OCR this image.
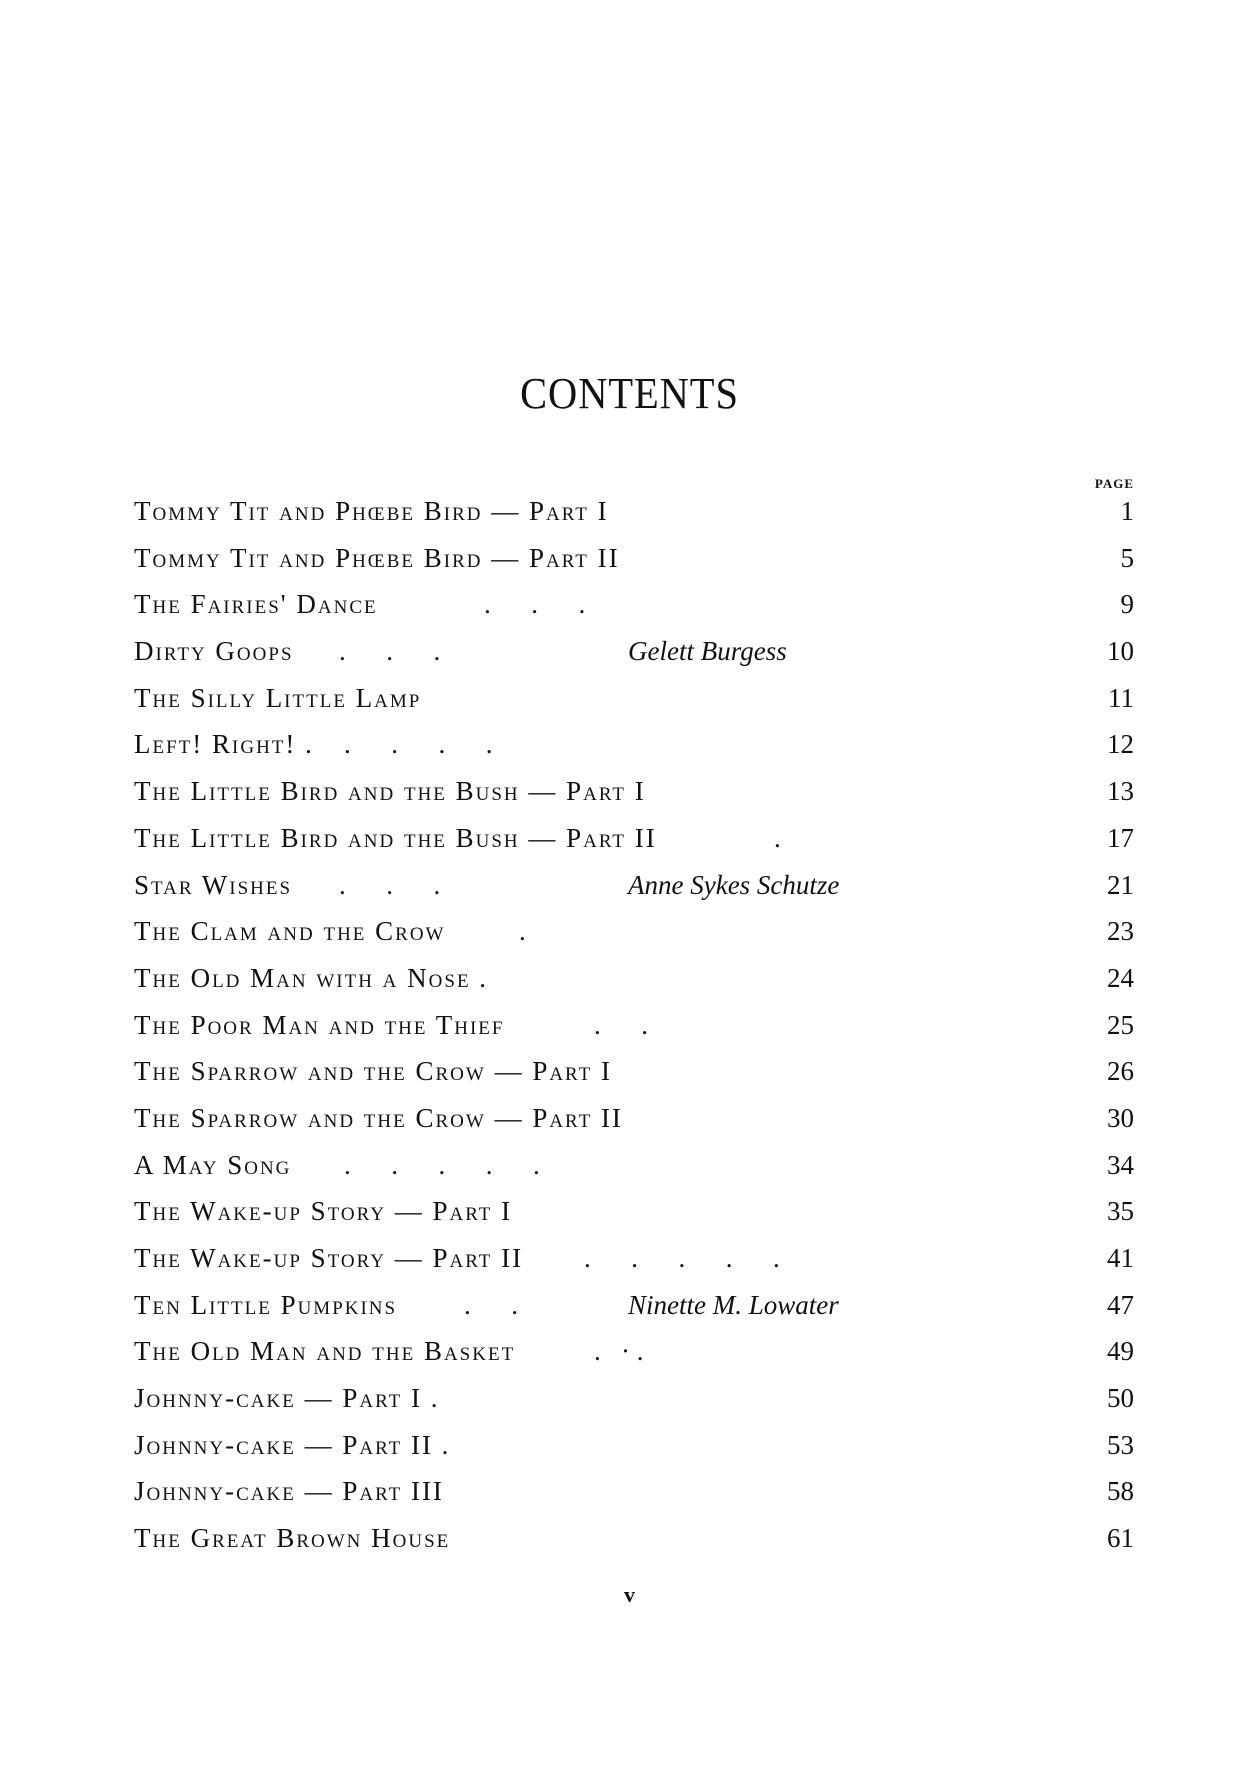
CONTENTS
PAGE
Tommy Tit and Phœbe Bird — Part I	1
Tommy Tit and Phœbe Bird — Part II	5
The Fairies' Dance	.      .      .	9
Dirty Goops .      .      .	Gelett Burgess	10
The Silly Little Lamp	11
Left! Right! . .      .      .      .	12
The Little Bird and the Bush — Part I	13
The Little Bird and the Bush — Part II	.	17
Star Wishes .      .      .	Anne Sykes Schutze	21
The Clam and the Crow	.	23
The Old Man with a Nose .	24
The Poor Man and the Thief	.      .	25
The Sparrow and the Crow — Part I	26
The Sparrow and the Crow — Part II	30
A May Song .      .      .      .      .	34
The Wake-up Story — Part I	35
The Wake-up Story — Part II .      .      .      .      .	41
Ten Little Pumpkins .      .	Ninette M. Lowater	47
The Old Man and the Basket	.   · .	49
Johnny-cake — Part I .	50
Johnny-cake — Part II .	53
Johnny-cake — Part III	58
The Great Brown House	61
v
